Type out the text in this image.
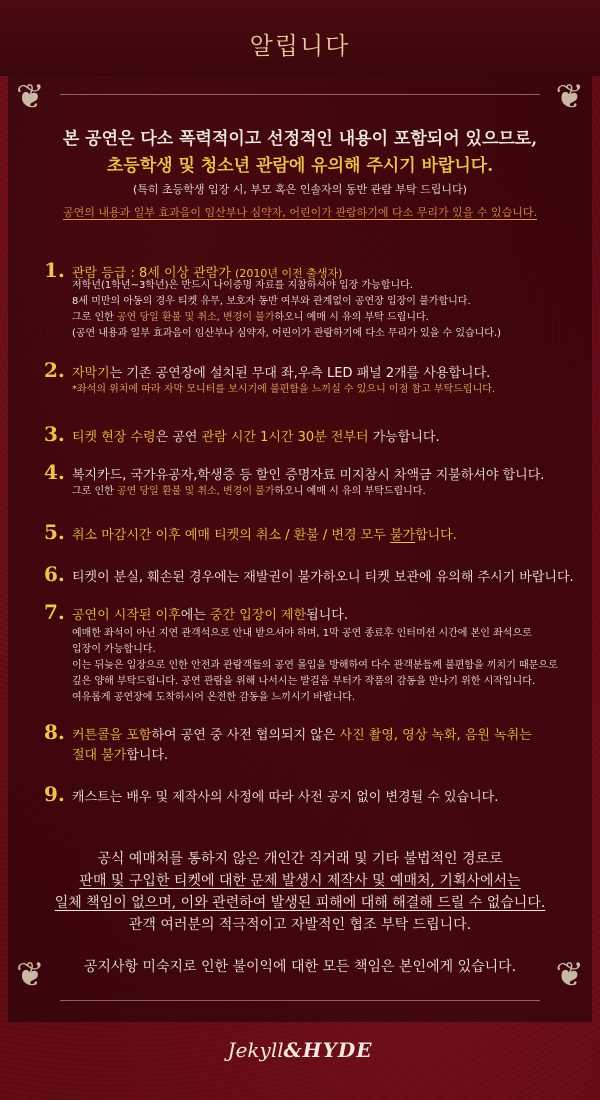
알립니다
❦	❦
❦	❦
본 공연은 다소 폭력적이고 선정적인 내용이 포함되어 있으므로,
초등학생 및 청소년 관람에 유의해 주시기 바랍니다.
(특히 초등학생 입장 시, 부모 혹은 인솔자의 동반 관람 부탁 드립니다)
공연의 내용과 일부 효과음이 임산부나 심약자, 어린이가 관람하기에 다소 무리가 있을 수 있습니다.
1. 관람 등급 : 8세 이상 관람가 (2010년 이전 출생자)
저학년(1학년~3학년)은 반드시 나이증명 자료를 지참하셔야 입장 가능합니다.
8세 미만의 아동의 경우 티켓 유무, 보호자 동반 여부와 관계없이 공연장 입장이 불가합니다.
그로 인한 공연 당일 환불 및 취소, 변경이 불가하오니 예매 시 유의 부탁 드립니다.
(공연 내용과 일부 효과음이 임산부나 심약자, 어린이가 관람하기에 다소 무리가 있을 수 있습니다.)
2. 자막기는 기존 공연장에 설치된 무대 좌,우측 LED 패널 2개를 사용합니다.
*좌석의 위치에 따라 자막 모니터를 보시기에 불편함을 느끼실 수 있으니 이점 참고 부탁드립니다.
3. 티켓 현장 수령은 공연 관람 시간 1시간 30분 전부터 가능합니다.
4. 복지카드, 국가유공자,학생증 등 할인 증명자료 미지참시 차액금 지불하셔야 합니다.
그로 인한 공연 당일 환불 및 취소, 변경이 불가하오니 예매 시 유의 부탁드립니다.
5. 취소 마감시간 이후 예매 티켓의 취소 / 환불 / 변경 모두 불가합니다.
6. 티켓이 분실, 훼손된 경우에는 재발권이 불가하오니 티켓 보관에 유의해 주시기 바랍니다.
7. 공연이 시작된 이후에는 중간 입장이 제한됩니다.
예매한 좌석이 아닌 지연 관객석으로 안내 받으셔야 하며, 1막 공연 종료후 인터미션 시간에 본인 좌석으로
입장이 가능합니다.
이는 뒤늦은 입장으로 인한 안전과 관람객들의 공연 몰입을 방해하여 다수 관객분들께 불편함을 끼치기 때문으로
깊은 양해 부탁드립니다. 공연 관람을 위해 나서시는 발걸음 부터가 작품의 감동을 만나기 위한 시작입니다.
여유롭게 공연장에 도착하시어 온전한 감동을 느끼시기 바랍니다.
8. 커튼콜을 포함하여 공연 중 사전 협의되지 않은 사진 촬영, 영상 녹화, 음원 녹취는
절대 불가합니다.
9. 캐스트는 배우 및 제작사의 사정에 따라 사전 공지 없이 변경될 수 있습니다.
공식 예매처를 통하지 않은 개인간 직거래 및 기타 불법적인 경로로
판매 및 구입한 티켓에 대한 문제 발생시 제작사 및 예매처, 기획사에서는
일체 책임이 없으며, 이와 관련하여 발생된 피해에 대해 해결해 드릴 수 없습니다.
관객 여러분의 적극적이고 자발적인 협조 부탁 드립니다.
공지사항 미숙지로 인한 불이익에 대한 모든 책임은 본인에게 있습니다.
Jekyll&HYDE
